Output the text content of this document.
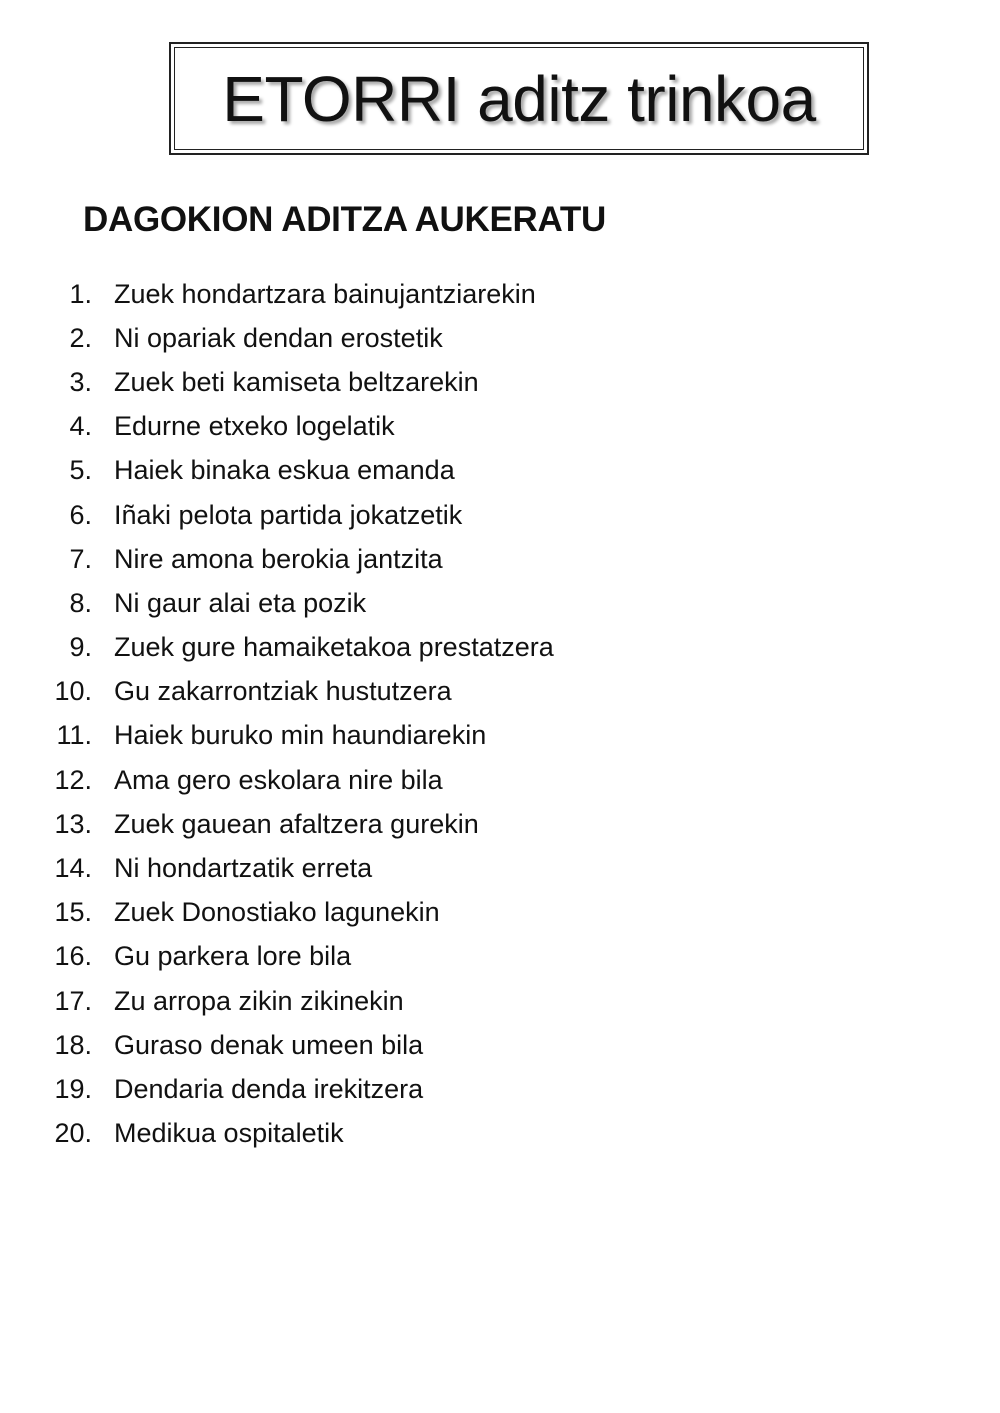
ETORRI aditz trinkoa
DAGOKION ADITZA AUKERATU
1. Zuek hondartzara bainujantziarekin
2. Ni opariak dendan erostetik
3. Zuek beti kamiseta beltzarekin
4. Edurne etxeko logelatik
5. Haiek binaka eskua emanda
6. Iñaki pelota partida jokatzetik
7. Nire amona berokia jantzita
8. Ni gaur alai eta pozik
9. Zuek gure hamaiketakoa prestatzera
10. Gu zakarrontziak hustutzera
11. Haiek buruko min haundiarekin
12. Ama gero eskolara nire bila
13. Zuek gauean afaltzera gurekin
14. Ni hondartzatik erreta
15. Zuek Donostiako lagunekin
16. Gu parkera lore bila
17. Zu arropa zikin zikinekin
18. Guraso denak umeen bila
19. Dendaria denda irekitzera
20. Medikua ospitaletik
